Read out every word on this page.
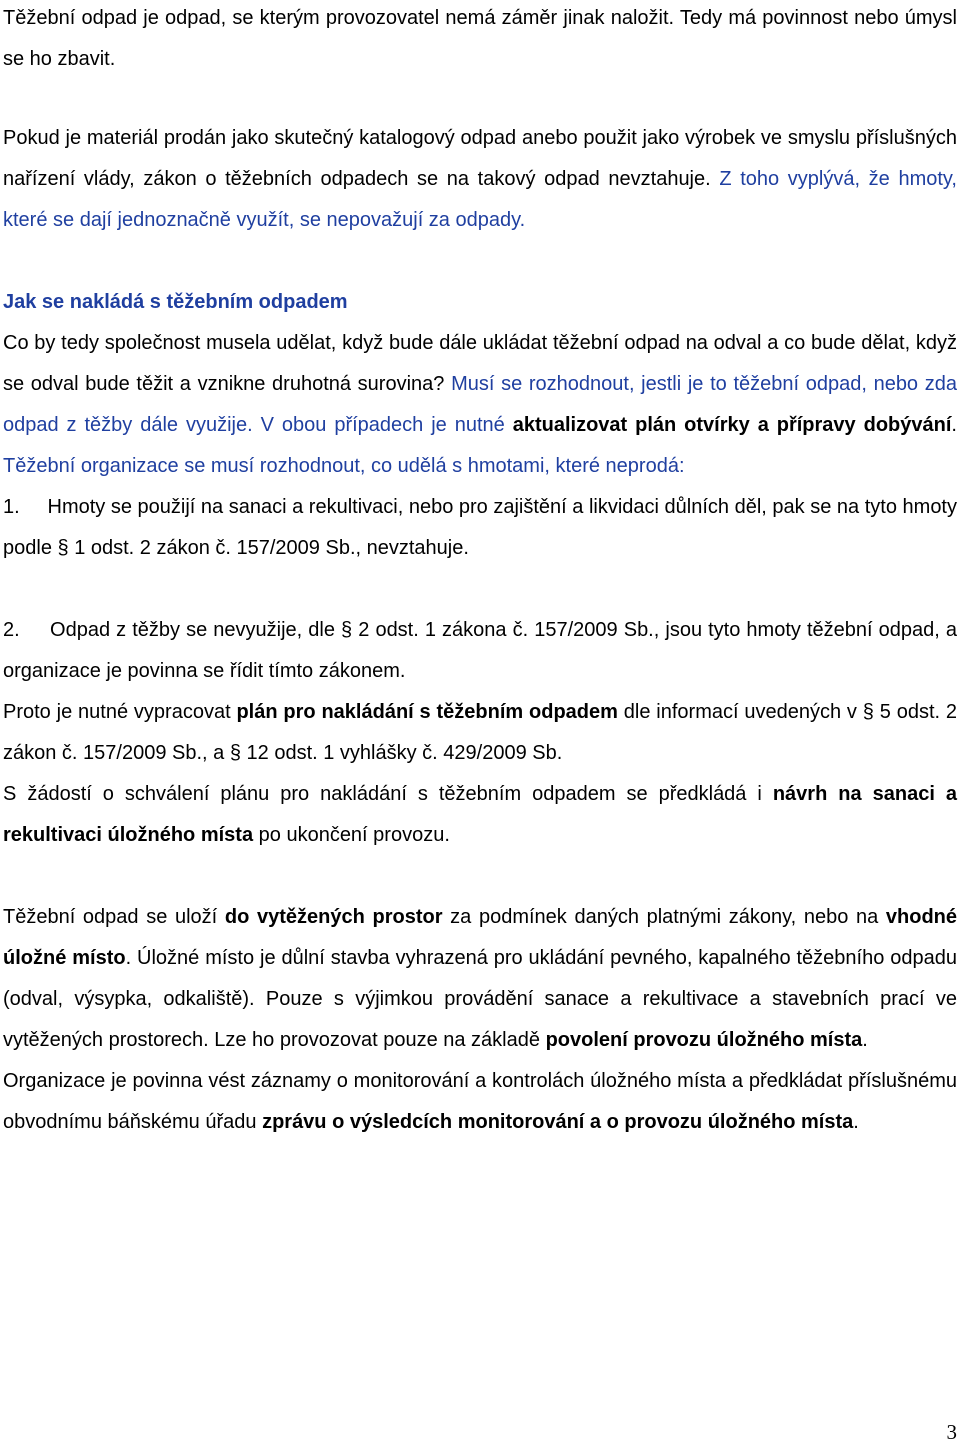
Těžební odpad je odpad, se kterým provozovatel nemá záměr jinak naložit. Tedy má povinnost nebo úmysl se ho zbavit.

Pokud je materiál prodán jako skutečný katalogový odpad anebo použit jako výrobek ve smyslu příslušných nařízení vlády, zákon o těžebních odpadech se na takový odpad nevztahuje. Z toho vyplývá, že hmoty, které se dají jednoznačně využít, se nepovažují za odpady.

Jak se nakládá s těžebním odpadem
Co by tedy společnost musela udělat, když bude dále ukládat těžební odpad na odval a co bude dělat, když se odval bude těžit a vznikne druhotná surovina? Musí se rozhodnout, jestli je to těžební odpad, nebo zda odpad z těžby dále využije. V obou případech je nutné aktualizovat plán otvírky a přípravy dobývání. Těžební organizace se musí rozhodnout, co udělá s hmotami, které neprodá:
1. Hmoty se použijí na sanaci a rekultivaci, nebo pro zajištění a likvidaci důlních děl, pak se na tyto hmoty podle § 1 odst. 2 zákon č. 157/2009 Sb., nevztahuje.

2. Odpad z těžby se nevyužije, dle § 2 odst. 1 zákona č. 157/2009 Sb., jsou tyto hmoty těžební odpad, a organizace je povinna se řídit tímto zákonem.
Proto je nutné vypracovat plán pro nakládání s těžebním odpadem dle informací uvedených v § 5 odst. 2 zákon č. 157/2009 Sb., a § 12 odst. 1 vyhlášky č. 429/2009 Sb.
S žádostí o schválení plánu pro nakládání s těžebním odpadem se předkládá i návrh na sanaci a rekultivaci úložného místa po ukončení provozu.

Těžební odpad se uloží do vytěžených prostor za podmínek daných platnými zákony, nebo na vhodné úložné místo. Úložné místo je důlní stavba vyhrazená pro ukládání pevného, kapalného těžebního odpadu (odval, výsypka, odkaliště). Pouze s výjimkou provádění sanace a rekultivace a stavebních prací ve vytěžených prostorech. Lze ho provozovat pouze na základě povolení provozu úložného místa.
Organizace je povinna vést záznamy o monitorování a kontrolách úložného místa a předkládat příslušnému obvodnímu báňskému úřadu zprávu o výsledcích monitorování a o provozu úložného místa.

3
